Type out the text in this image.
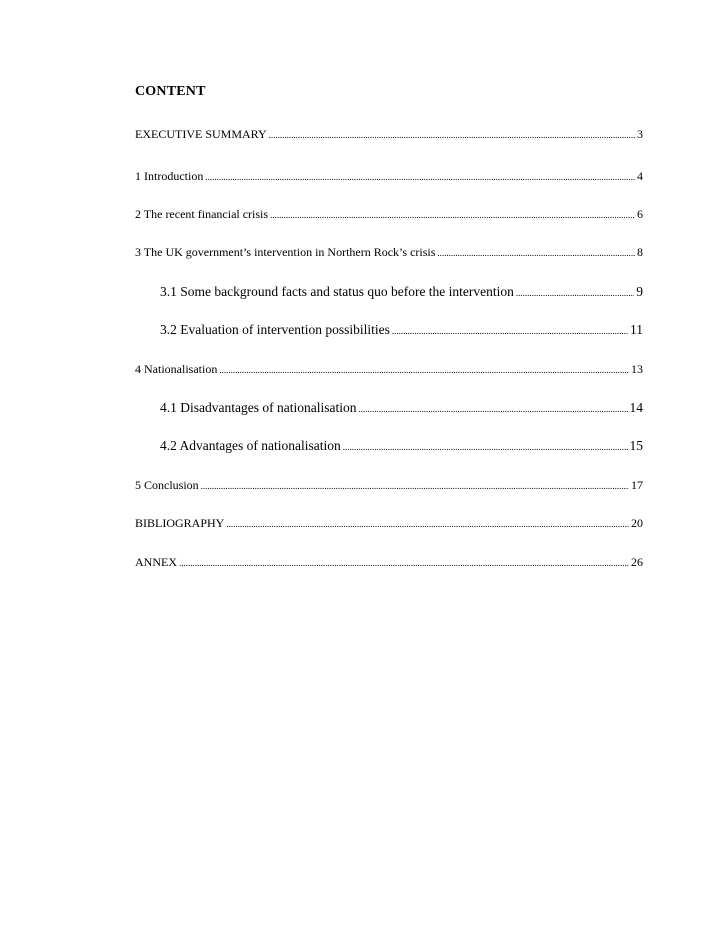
CONTENT
EXECUTIVE SUMMARY .....	3
1 Introduction .....	4
2 The recent financial crisis .....	6
3 The UK government’s intervention in Northern Rock’s crisis .....	8
3.1 Some background facts and status quo before the intervention .....	9
3.2 Evaluation of intervention possibilities .....	11
4 Nationalisation .....	13
4.1 Disadvantages of nationalisation .....	14
4.2 Advantages of nationalisation .....	15
5 Conclusion .....	17
BIBLIOGRAPHY .....	20
ANNEX .....	26
